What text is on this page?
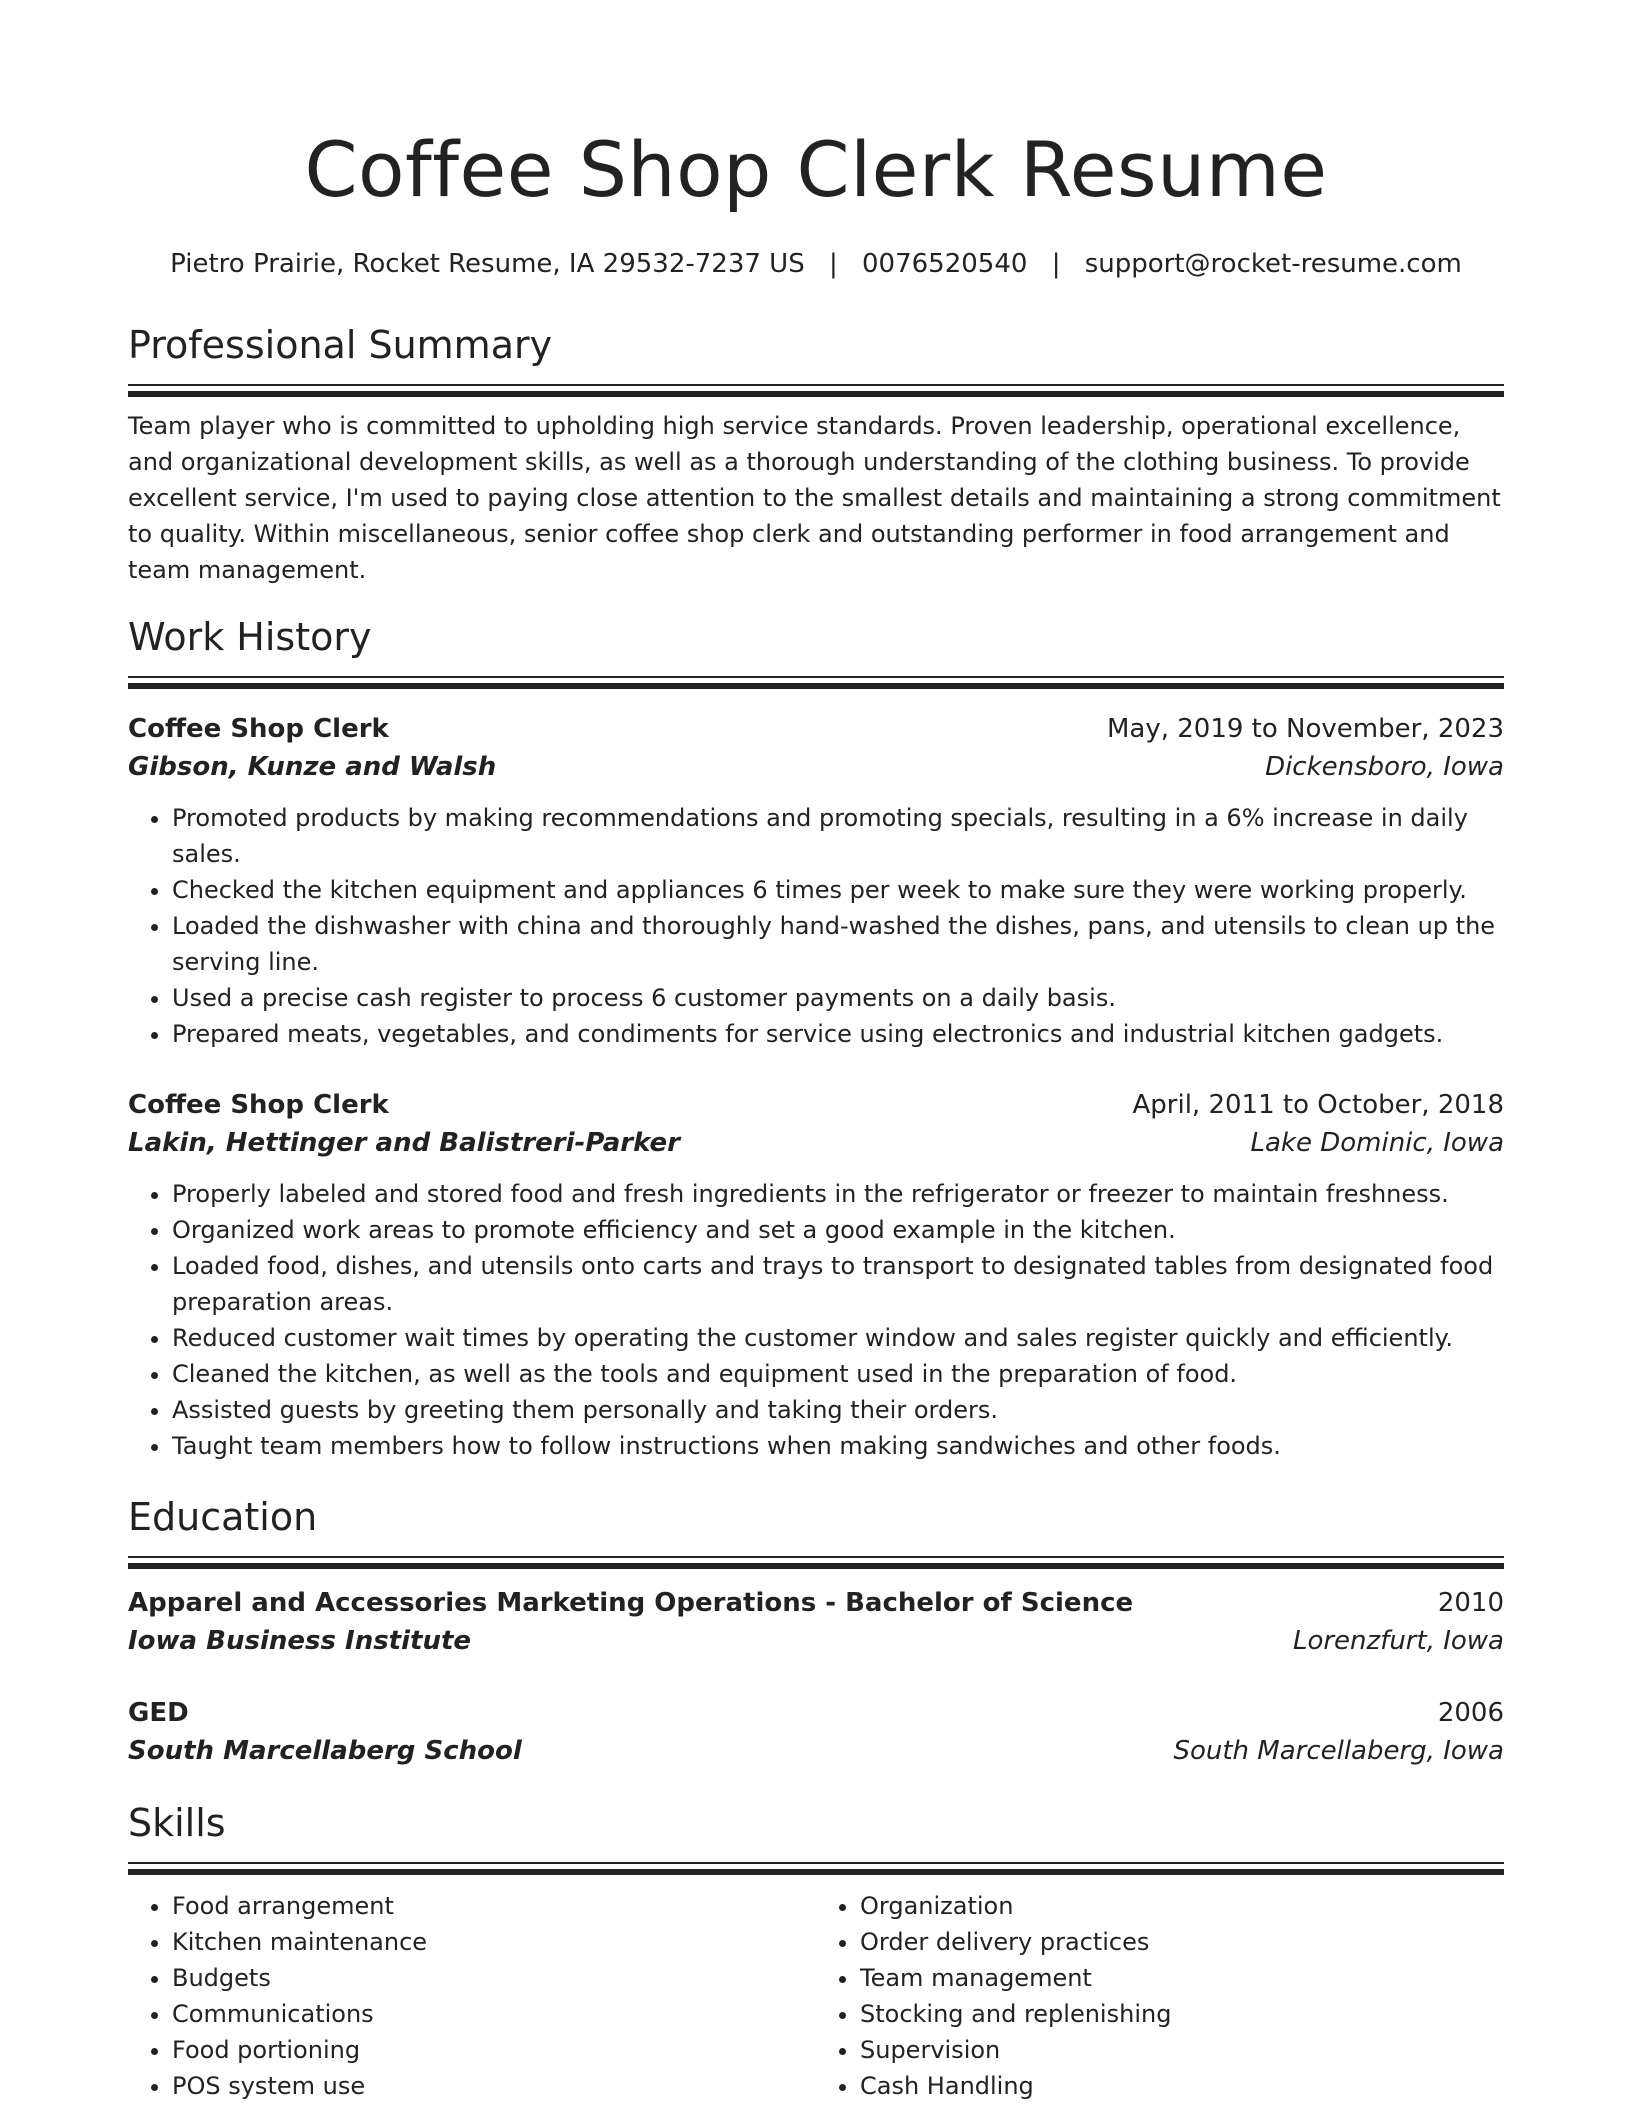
Coffee Shop Clerk Resume
Pietro Prairie, Rocket Resume, IA 29532-7237 US | 0076520540 | support@rocket-resume.com
Professional Summary

Team player who is committed to upholding high service standards. Proven leadership, operational excellence, and organizational development skills, as well as a thorough understanding of the clothing business. To provide excellent service, I'm used to paying close attention to the smallest details and maintaining a strong commitment to quality. Within miscellaneous, senior coffee shop clerk and outstanding performer in food arrangement and team management.

Work History
Coffee Shop Clerk	May, 2019 to November, 2023
Gibson, Kunze and Walsh	Dickensboro, Iowa
• Promoted products by making recommendations and promoting specials, resulting in a 6% increase in daily sales.
• Checked the kitchen equipment and appliances 6 times per week to make sure they were working properly.
• Loaded the dishwasher with china and thoroughly hand-washed the dishes, pans, and utensils to clean up the serving line.
• Used a precise cash register to process 6 customer payments on a daily basis.
• Prepared meats, vegetables, and condiments for service using electronics and industrial kitchen gadgets.
Coffee Shop Clerk	April, 2011 to October, 2018
Lakin, Hettinger and Balistreri-Parker	Lake Dominic, Iowa
• Properly labeled and stored food and fresh ingredients in the refrigerator or freezer to maintain freshness.
• Organized work areas to promote efficiency and set a good example in the kitchen.
• Loaded food, dishes, and utensils onto carts and trays to transport to designated tables from designated food preparation areas.
• Reduced customer wait times by operating the customer window and sales register quickly and efficiently.
• Cleaned the kitchen, as well as the tools and equipment used in the preparation of food.
• Assisted guests by greeting them personally and taking their orders.
• Taught team members how to follow instructions when making sandwiches and other foods.
Education
Apparel and Accessories Marketing Operations - Bachelor of Science	2010
Iowa Business Institute	Lorenzfurt, Iowa
GED	2006
South Marcellaberg School	South Marcellaberg, Iowa
Skills
• Food arrangement
• Kitchen maintenance
• Budgets
• Communications
• Food portioning
• POS system use
• Organization
• Order delivery practices
• Team management
• Stocking and replenishing
• Supervision
• Cash Handling
